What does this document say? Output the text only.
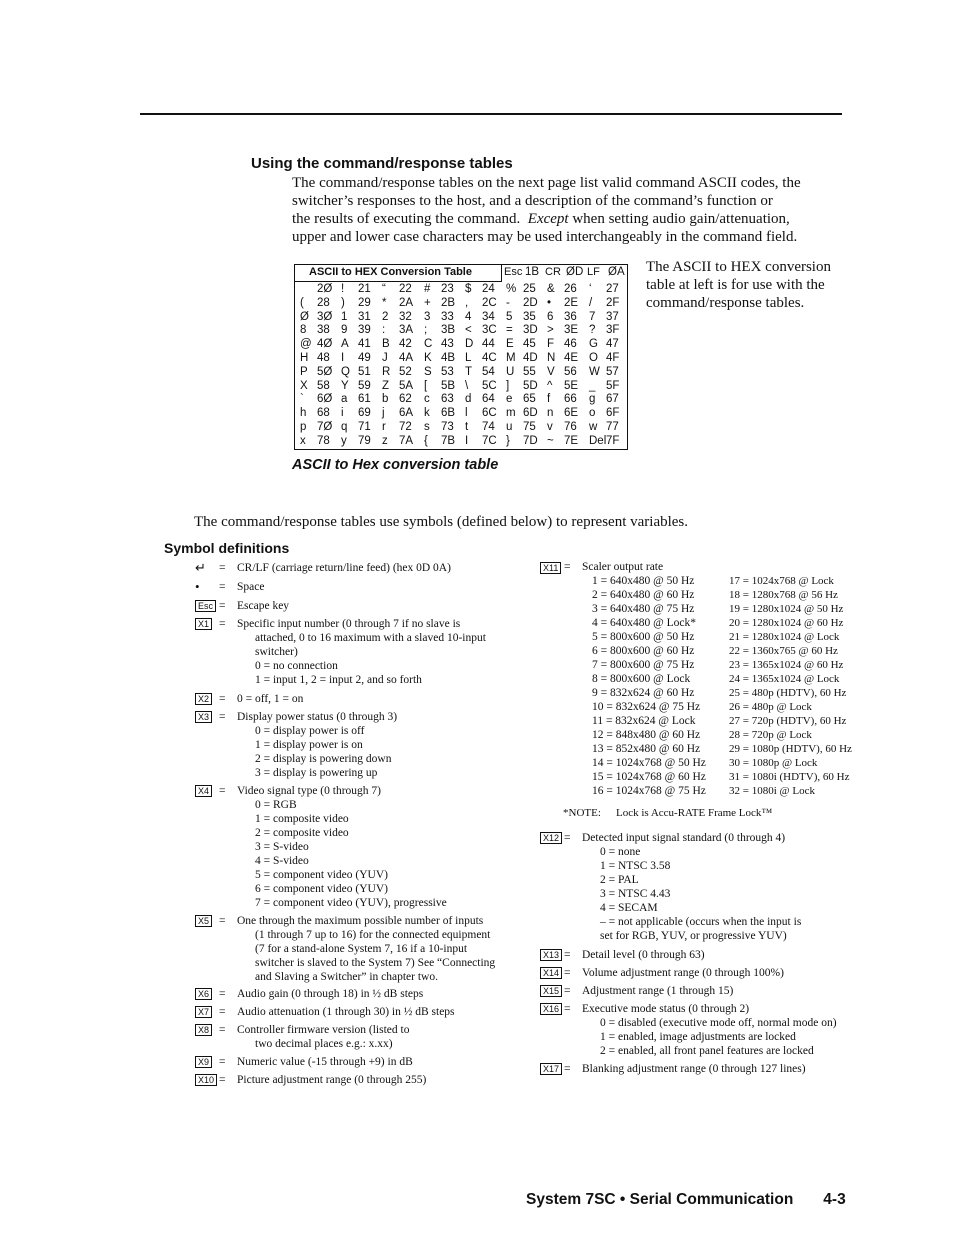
Using the command/response tables
The command/response tables on the next page list valid command ASCII codes, the
switcher’s responses to the host, and a description of the command’s function or
the results of executing the command. Except when setting audio gain/attenuation,
upper and lower case characters may be used interchangeably in the command field.
ASCII to HEX Conversion Table	Esc 1B CR ØD LF ØA
2Ø
( 28
Ø 3Ø
8 38
@ 4Ø
H 48
P 5Ø
X 58
` 6Ø
h 68
p 7Ø
x 78
! 21
) 29
1 31
9 39
A 41
I 49
Q 51
Y 59
a 61
i 69
q 71
y 79
“ 22
* 2A
2 32
: 3A
B 42
J 4A
R 52
Z 5A
b 62
j 6A
r 72
z 7A
# 23
+ 2B
3 33
; 3B
C 43
K 4B
S 53
[ 5B
c 63
k 6B
s 73
{ 7B
$ 24
, 2C
4 34
< 3C
D 44
L 4C
T 54
\ 5C
d 64
l 6C
t 74
I 7C
% 25
- 2D
5 35
= 3D
E 45
M 4D
U 55
] 5D
e 65
m 6D
u 75
} 7D
& 26
• 2E
6 36
> 3E
F 46
N 4E
V 56
^ 5E
f 66
n 6E
v 76
~ 7E
‘ 27
/ 2F
7 37
? 3F
G 47
O 4F
W 57
_ 5F
g 67
o 6F
w 77
Del 7F
The ASCII to HEX conversion
table at left is for use with the
command/response tables.
ASCII to Hex conversion table
The command/response tables use symbols (defined below) to represent variables.
Symbol definitions
↵ = CR/LF (carriage return/line feed) (hex 0D 0A)
• = Space
Esc = Escape key
X1 = Specific input number (0 through 7 if no slave is
attached, 0 to 16 maximum with a slaved 10-input
switcher)
0 = no connection
1 = input 1, 2 = input 2, and so forth
X2 = 0 = off, 1 = on
X3 = Display power status (0 through 3)
0 = display power is off
1 = display power is on
2 = display is powering down
3 = display is powering up
X4 = Video signal type (0 through 7)
0 = RGB
1 = composite video
2 = composite video
3 = S-video
4 = S-video
5 = component video (YUV)
6 = component video (YUV)
7 = component video (YUV), progressive
X5 = One through the maximum possible number of inputs
(1 through 7 up to 16) for the connected equipment
(7 for a stand-alone System 7, 16 if a 10-input
switcher is slaved to the System 7) See “Connecting
and Slaving a Switcher” in chapter two.
X6 = Audio gain (0 through 18) in ½ dB steps
X7 = Audio attenuation (1 through 30) in ½ dB steps
X8 = Controller firmware version (listed to
two decimal places e.g.: x.xx)
X9 = Numeric value (-15 through +9) in dB
X10 = Picture adjustment range (0 through 255)
X11 = Scaler output rate
1 = 640x480 @ 50 Hz
2 = 640x480 @ 60 Hz
3 = 640x480 @ 75 Hz
4 = 640x480 @ Lock*
5 = 800x600 @ 50 Hz
6 = 800x600 @ 60 Hz
7 = 800x600 @ 75 Hz
8 = 800x600 @ Lock
9 = 832x624 @ 60 Hz
10 = 832x624 @ 75 Hz
11 = 832x624 @ Lock
12 = 848x480 @ 60 Hz
13 = 852x480 @ 60 Hz
14 = 1024x768 @ 50 Hz
15 = 1024x768 @ 60 Hz
16 = 1024x768 @ 75 Hz
17 = 1024x768 @ Lock
18 = 1280x768 @ 56 Hz
19 = 1280x1024 @ 50 Hz
20 = 1280x1024 @ 60 Hz
21 = 1280x1024 @ Lock
22 = 1360x765 @ 60 Hz
23 = 1365x1024 @ 60 Hz
24 = 1365x1024 @ Lock
25 = 480p (HDTV), 60 Hz
26 = 480p @ Lock
27 = 720p (HDTV), 60 Hz
28 = 720p @ Lock
29 = 1080p (HDTV), 60 Hz
30 = 1080p @ Lock
31 = 1080i (HDTV), 60 Hz
32 = 1080i @ Lock
*NOTE: Lock is Accu-RATE Frame Lock™
X12 = Detected input signal standard (0 through 4)
0 = none
1 = NTSC 3.58
2 = PAL
3 = NTSC 4.43
4 = SECAM
– = not applicable (occurs when the input is
set for RGB, YUV, or progressive YUV)
X13 = Detail level (0 through 63)
X14 = Volume adjustment range (0 through 100%)
X15 = Adjustment range (1 through 15)
X16 = Executive mode status (0 through 2)
0 = disabled (executive mode off, normal mode on)
1 = enabled, image adjustments are locked
2 = enabled, all front panel features are locked
X17 = Blanking adjustment range (0 through 127 lines)
System 7SC • Serial Communication 4-3
